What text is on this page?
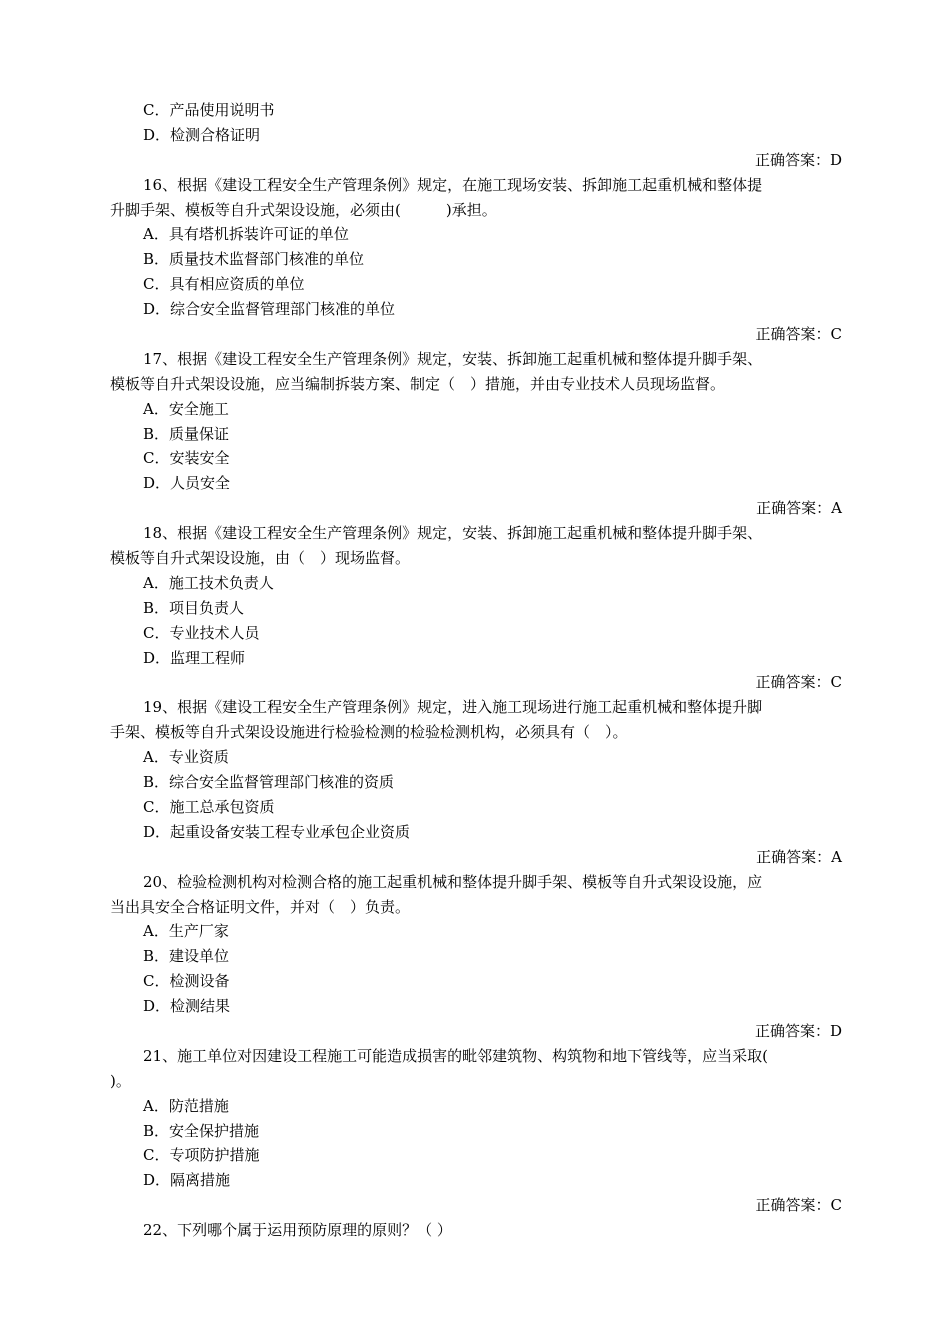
C．产品使用说明书
D．检测合格证明
正确答案：D
16、根据《建设工程安全生产管理条例》规定，在施工现场安装、拆卸施工起重机械和整体提
升脚手架、模板等自升式架设设施，必须由(　　　)承担。
A．具有塔机拆装许可证的单位
B．质量技术监督部门核准的单位
C．具有相应资质的单位
D．综合安全监督管理部门核准的单位
正确答案：C
17、根据《建设工程安全生产管理条例》规定，安装、拆卸施工起重机械和整体提升脚手架、
模板等自升式架设设施，应当编制拆装方案、制定（　）措施，并由专业技术人员现场监督。
A．安全施工
B．质量保证
C．安装安全
D．人员安全
正确答案：A
18、根据《建设工程安全生产管理条例》规定，安装、拆卸施工起重机械和整体提升脚手架、
模板等自升式架设设施，由（　）现场监督。
A．施工技术负责人
B．项目负责人
C．专业技术人员
D．监理工程师
正确答案：C
19、根据《建设工程安全生产管理条例》规定，进入施工现场进行施工起重机械和整体提升脚
手架、模板等自升式架设设施进行检验检测的检验检测机构，必须具有（　）。
A．专业资质
B．综合安全监督管理部门核准的资质
C．施工总承包资质
D．起重设备安装工程专业承包企业资质
正确答案：A
20、检验检测机构对检测合格的施工起重机械和整体提升脚手架、模板等自升式架设设施，应
当出具安全合格证明文件，并对（　）负责。
A．生产厂家
B．建设单位
C．检测设备
D．检测结果
正确答案：D
21、施工单位对因建设工程施工可能造成损害的毗邻建筑物、构筑物和地下管线等，应当采取(
)。
A．防范措施
B．安全保护措施
C．专项防护措施
D．隔离措施
正确答案：C
22、下列哪个属于运用预防原理的原则？（ ）
